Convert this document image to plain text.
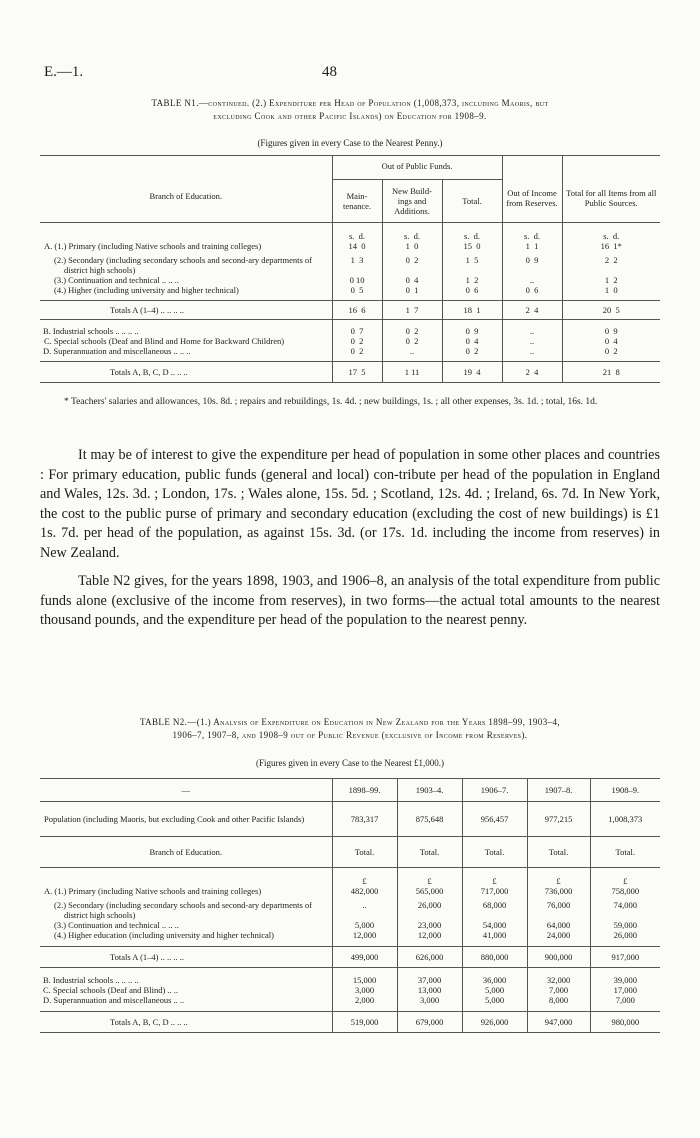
E.—1.	48
TABLE N1.—continued. (2.) Expenditure per Head of Population (1,008,373, including Maoris, but
excluding Cook and other Pacific Islands) on Education for 1908–9.
(Figures given in every Case to the Nearest Penny.)
Branch of Education.	Out of Public Funds.			Out of Income from Reserves.	Total for all Items from all Public Sources.
	Main- tenance.	New Build- ings and Additions.	Total.		
	s.  d.	s.  d.	s.  d.	s.  d.	s.  d.
A. (1.) Primary (including Native schools and training colleges)	14  0	1  0	15  0	1  1	16  1*
(2.) Secondary (including secondary schools and second-ary departments of district high schools)	1  3	0  2	1  5	0  9	2  2
(3.) Continuation and technical .. .. ..	0 10	0  4	1  2	..	1  2
(4.) Higher (including university and higher technical)	0  5	0  1	0  6	0  6	1  0
Totals A (1–4) .. .. .. ..	16  6	1  7	18  1	2  4	20  5
B. Industrial schools .. .. .. ..	0  7	0  2	0  9	..	0  9
C. Special schools (Deaf and Blind and Home for Backward Children)	0  2	0  2	0  4	..	0  4
D. Superannuation and miscellaneous .. .. ..	0  2	..	0  2	..	0  2
Totals A, B, C, D .. .. ..	17  5	1 11	19  4	2  4	21  8
* Teachers' salaries and allowances, 10s. 8d. ; repairs and rebuildings, 1s. 4d. ; new buildings, 1s. ; all other expenses, 3s. 1d. ; total, 16s. 1d.

It may be of interest to give the expenditure per head of population in some other places and countries : For primary education, public funds (general and local) con-tribute per head of the population in England and Wales, 12s. 3d. ; London, 17s. ; Wales alone, 15s. 5d. ; Scotland, 12s. 4d. ; Ireland, 6s. 7d. In New York, the cost to the public purse of primary and secondary education (excluding the cost of new buildings) is £1 1s. 7d. per head of the population, as against 15s. 3d. (or 17s. 1d. including the income from reserves) in New Zealand.

Table N2 gives, for the years 1898, 1903, and 1906–8, an analysis of the total expenditure from public funds alone (exclusive of the income from reserves), in two forms—the actual total amounts to the nearest thousand pounds, and the expenditure per head of the population to the nearest penny.

TABLE N2.—(1.) Analysis of Expenditure on Education in New Zealand for the Years 1898–99, 1903–4,
1906–7, 1907–8, and 1908–9 out of Public Revenue (exclusive of Income from Reserves).
(Figures given in every Case to the Nearest £1,000.)
—	1898–99.	1903–4.	1906–7.	1907–8.	1908–9.
Population (including Maoris, but excluding Cook and other Pacific Islands)	783,317	875,648	956,457	977,215	1,008,373
Branch of Education.	Total.	Total.	Total.	Total.	Total.
	£	£	£	£	£
A. (1.) Primary (including Native schools and training colleges)	482,000	565,000	717,000	736,000	758,000
(2.) Secondary (including secondary schools and second-ary departments of district high schools)	..	26,000	68,000	76,000	74,000
(3.) Continuation and technical .. .. ..	5,000	23,000	54,000	64,000	59,000
(4.) Higher education (including university and higher technical)	12,000	12,000	41,000	24,000	26,000
Totals A (1–4) .. .. .. ..	499,000	626,000	880,000	900,000	917,000
B. Industrial schools .. .. .. ..	15,000	37,000	36,000	32,000	39,000
C. Special schools (Deaf and Blind) .. ..	3,000	13,000	5,000	7,000	17,000
D. Superannuation and miscellaneous .. ..	2,000	3,000	5,000	8,000	7,000
Totals A, B, C, D .. .. ..	519,000	679,000	926,000	947,000	980,000
